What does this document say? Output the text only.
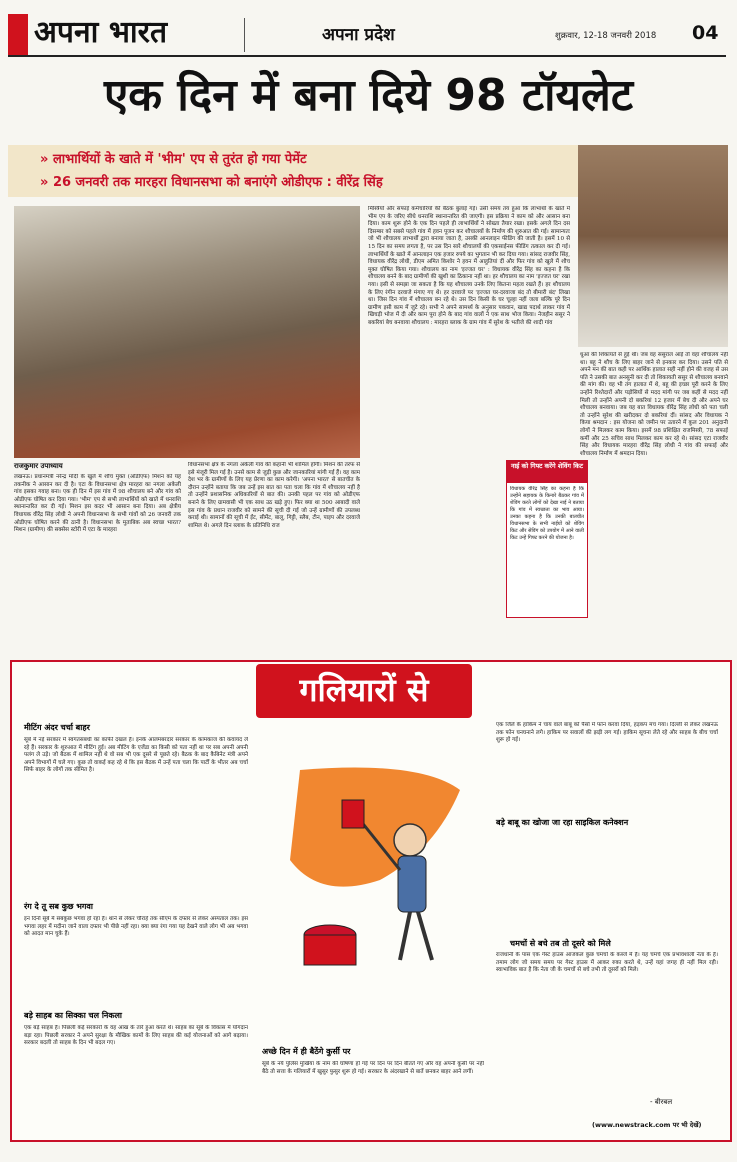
अपना भारत	अपना प्रदेश	शुक्रवार, 12-18 जनवरी 2018 04
एक दिन में बना दिये 98 टॉयलेट
» लाभार्थियों के खाते में 'भीम' एप से तुरंत हो गया पेमेंट
» 26 जनवरी तक मारहरा विधानसभा को बनाएंगे ओडीएफ : वीरेंद्र सिंह
राजकुमार उपाध्याय
लखनऊ। प्रधानमंत्री नरेन्द्र मोदी के खुले में शौच मुक्त (ओडीएफ) मिशन को यह तकनीक ने आसान कर दी है। एटा के विधानसभा क्षेत्र मारहरा का नगला अकेली गांव इसका गवाह बना। एक ही दिन में इस गांव में 98 शौचालय बने और गांव को ओडीएफ घोषित कर दिया गया। 'भीम' एप से सभी लाभार्थियों को खाते में धनराशि स्थानान्तरित कर दी गई। मिशन इस कदर भी आसान बना दिया। अब क्षेत्रीय विधायक वीरेंद्र सिंह लोधी ने अपनी विधानसभा के सभी गांवों को 26 जनवरी तक ओडीएफ घोषित करने की ठानी है। विधानसभा के मुताबिक अब स्वच्छ भारत? मिशन (ग्रामीण) की सक्सेस स्टोरी में एटा के मारहरा
विधानसभा क्षेत्र के नगला अकेली गांव की कहानी भी शामिल होगी। मिशन की तरफ से इसे मंजूरी मिल गई है। उनसे काम से जुड़ी कुछ और जानकारियां मांगी गई हैं। वह काम देश भर के ग्रामीणों के लिए यह प्रेरणा का काम करेगी। 'अपना भारत' से बातचीत के दौरान उन्होंने बताया कि जब उन्हें इस बात का पता चला कि गांव में शौचालय नहीं है तो उन्होंने प्रशासनिक अधिकारियों से बात की। उनकी पहल पर गांव को ओडीएफ बनाने के लिए ग्रामवासी भी एक साथ उठ खड़े हुए। फिर क्या था 500 आबादी वाले इस गांव के प्रधान राजवीर को सामने की सूची दी गई जो उन्हें ग्रामीणों की उपलब्ध कराई थी। सामानों की सूची में ईंट, सीमेंट, बालू, गिट्टी, स्लैब, टीन, पाइप और दरवाजे शामिल थे। अगले दिन ब्लाक के प्रतिनिधि राज
मिस्त्रियों और सफाई कर्मचारियों की बैठक बुलाई गई। उसी समय तय हुआ कि लाभार्थी के खाते में भीम एप के जरिए सीधे धनराशि स्थानान्तरित की जाएगी। इस प्रक्रिया ने काम को और आसान बना दिया। काम शुरू होने के एक दिन पहले ही लाभार्थियों ने सोख्ता तैयार रखा। इसके अगले दिन दस दिसम्बर को सबसे पहले गांव में हवन पूजन कर शौचालयों के निर्माण की शुरुआत की गई। सामान्यतः जो भी शौचालय लाभार्थी द्वारा बनाया जाता है, उसकी आनलाइन फीडिंग की जाती है। इसमें 10 से 15 दिन का समय लगता है, पर उस दिन सारे शौचालयों की एकसाईनस फीडिंग तत्काल कर दी गई। लाभार्थियों के खाते में आनलाइन एक हजार रुपये का भुगतान भी कर दिया गया। सांसद राजवीर सिंह, विधायक वीरेंद्र लोधी, डीएम अमित किशोर ने हवन में आहुतियां दीं और फिर गांव को खुले में शौच मुक्त घोषित किया गया। शौचालय का नाम 'इज्जत घर' : विधायक वीरेंद्र सिंह का कहना है कि शौचालय बनने के बाद ग्रामीणों की खुशी का ठिकाना नहीं था। हर शौचालय का नाम 'इज्जत घर' रखा गया। इसी से समझा जा सकता है कि यह शौचालय उनके लिए कितना महत्व रखते हैं। हर शौचालय के लिए रंगीन दरवाजे मंगाए गए थे। हर दरवाजे पर 'इज्जत घर-दरवाजा बंद तो बीमारी बंद' लिखा था। जिस दिन गांव में शौचालय बन रहे थे। उस दिन किसी के घर चूल्हा नहीं जला बल्कि पूरे दिन ग्रामीण इसी काम में जुटे रहे। सभी ने अपने सामर्थ्य के अनुसार पकवान, खाद्य पदार्थ लाकर गांव में खिचड़ी भोज में दी और काम पूरा होने के बाद गांव वालों ने एक साथ भोज किया। नेजहीन ससुर ने बकरियां बेच बनवाया शौचालय : मारहरा ब्लाक के ग्राम गांव में सुरेश के भतीजे की शादी गांव
धुआं की शिकायतें से हुई थी। जब वह ससुराल आई तो वहां शौचालय नहीं था। बहू ने शौच के लिए बाहर जाने से इनकार कर दिया। उसने पति से अपने मन की बात कही पर आर्थिक हालात सही नहीं होने की वजह से उस पति ने उसकी बात अनसुनी कर दी तो शिकायती ससुर से शौचालय बनवाने की मांग की। वह भी तंग हालात में थे, बहू की इच्छा पूरी करने के लिए उन्होंने रिश्तेदारों और पड़ोसियों से मदद मांगी पर जब कहीं से मदद नहीं मिली तो उन्होंने अपनी दो बकरियां 12 हजार में बेच दी और अपने घर शौचालय बनवाया। जब यह बात विधायक वीरेंद्र सिंह लोधी को पता चली तो उन्होंने सुरेश की खरीदकर दो बकरियां दीं। सांसद और विधायक ने किया श्रमदान : इस योजना को जमीन पर उतारने में कुल 201 अनुदानी लोगों ने मिलकर काम किया। इसमें 98 प्रशिक्षित राजमिस्त्री, 78 सफाई कर्मी और 25 सचिव साथ मिलकर काम कर रहे थे। सांसद एटा राजवीर सिंह और विधायक मारहरा वीरेंद्र सिंह लोधी ने गांव की सफाई और शौचालय निर्माण में श्रमदान दिया।
नाई को गिफ्ट करेंगे शेविंग किट
विधायक वीरेंद्र सिंह का कहना है कि उन्होंने सहायक के किनारे बैठकर गांव में शेविंग करते लोगों को देखा नाई ने बताया कि गांव में स्वच्छता का भाव आया। उनका कहना है कि उनकी बातचीत विधानसभा के सभी नाईयों को शेविंग किट और सेविंग को उपयोग में आने वाली किट उन्हें गिफ्ट करने की योजना है।
गलियारों से
मीटिंग अंदर चर्चा बाहर
सूबे में नई सरकार में स्वगतसंबंधी का काफी दखल है। इनके आलमबरदार सरकार के कामकाज की कवायद ले रहे हैं। सरकार के शुरुआत में मीटिंग हुई। अब मीटिंग के एजेंडा का किसी को पता नहीं था पर सब अपनी अपनी पलंग ले उड़े। जो बैठक में शामिल नहीं थे वो सब भी एक दूसरे से पूछते रहे। बैठक के बाद कैबिनेट मंत्री अपने अपने विभागों में चले गए। कुछ तो वाकई कह रहे थे कि इस बैठक में उन्हें पता चला कि पार्टी के भीतर अब चर्चा सिर्फ बाहर के लोगों तक सीमित है।
रंग दे तू सब कुछ भगवा
इन दिनों सूबे में सबकुछ भगवा हो रहा है। थाने से लेकर चौराहे तक सीएम के दफ्तर से लेकर अस्पताल तक। इस भगवा लहर में मदीना जाने वाला दफ्तर भी पीछे नहीं रहा। क्या क्या रंगा गया यह देखने वाले लोग भी अब भगवा को आदत मान चुके हैं।
बड़े साहब का सिक्का चल निकला
एक बड़े साहब हैं। पिछली कई सरकारों के वह आंख के तारे हुआ करते थे। साहब का सूबे के विकास में योगदान बड़ा रहा। पिछली सरकार ने अपने सुरक्षा के मौखिक कामों के लिए साहब की कई योजनाओं को आगे बढ़ाया। सरकार बदली तो साहब के दिन भी बदल गए।
अच्छे दिन में ही बैठेंगे कुर्सी पर
सूबे के नये पुलिस मुखिया के नाम की घोषणा हो गई पर दिन पर दिन बीतते गए और वह अपनी कुर्सी पर नहीं बैठे तो सत्ता के गलियारों में खुसुर फुसुर शुरू हो गई। सरकार के अंदरखाने से बातें छनकर बाहर आने लगीं।
एक जिले के हाकिम ने चाय वाले बाबू को पैसों में फोन करवा दिया, हड़कंप मच गया। दिल्ली से लेकर लखनऊ तक फोन घनघनाने लगे। हाकिम पर सवालों की झड़ी लग गई। हाकिम सूचना लेते रहे और साहब के बीच चर्चा शुरू हो गई।
बड़े बाबू का खोजा जा रहा साइकिल कनेक्शन
चमचों से बचे तब तो दूसरे को मिले
राजधानी के पास एक गेस्ट हाउस आजकल कुछ चमचों के कब्जे में है। यह चमचे एक प्रभावशाली नेता के हैं। तमाम लोग जो समय समय पर गेस्ट हाउस में आकर रुका करते थे, उन्हें यहां जगह ही नहीं मिल रही। स्वाभाविक बात है कि नेता जी के चमचों से बचे तभी तो दूसरों को मिले।
- बीरबल
(www.newstrack.com पर भी देखें)
